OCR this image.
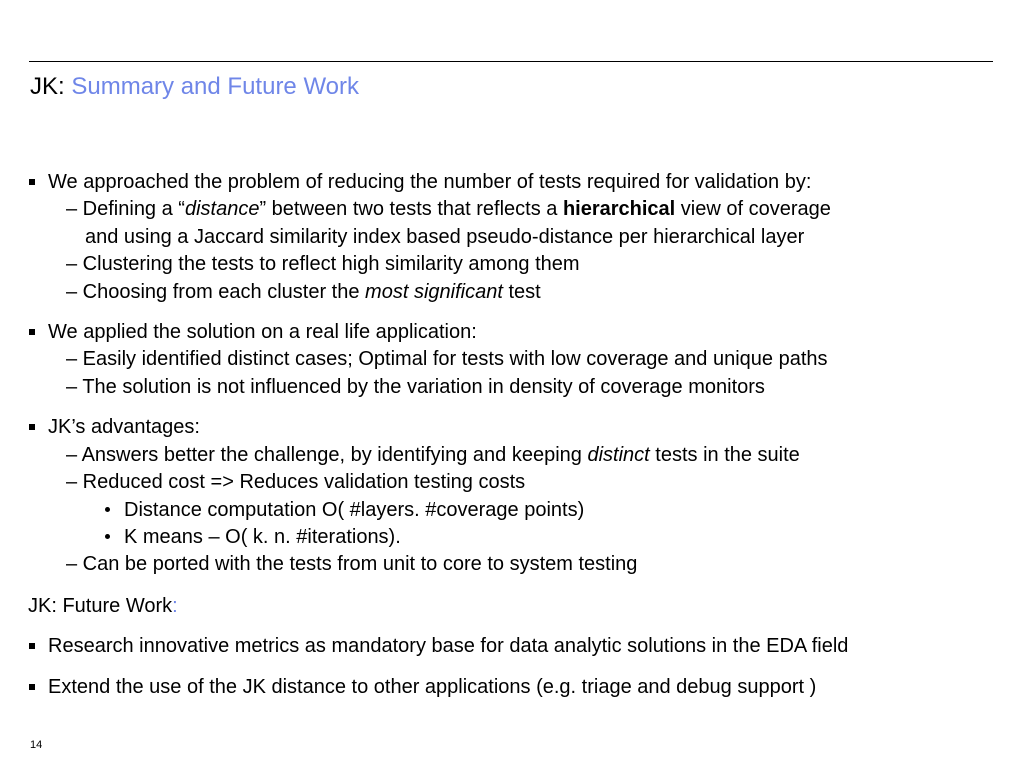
JK: Summary and Future Work
We approached the problem of reducing the number of tests required for validation by:
– Defining a “distance” between two tests that reflects a hierarchical view of coverage
and using a Jaccard similarity index based pseudo-distance per hierarchical layer
– Clustering the tests to reflect high similarity among them
– Choosing from each cluster the most significant test
We applied the solution on a real life application:
– Easily identified distinct cases; Optimal for tests with low coverage and unique paths
– The solution is not influenced by the variation in density of coverage monitors
JK’s advantages:
– Answers better the challenge, by identifying and keeping distinct tests in the suite
– Reduced cost => Reduces validation testing costs
Distance computation O( #layers. #coverage points)
K means – O( k. n. #iterations).
– Can be ported with the tests from unit to core to system testing
JK: Future Work:
Research innovative metrics as mandatory base for data analytic solutions in the EDA field
Extend the use of the JK distance to other applications (e.g. triage and debug support )
14
